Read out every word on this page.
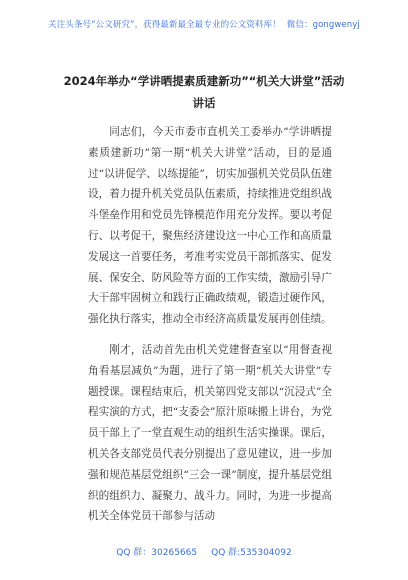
关注头条号“公文研究”，获得最新最全最专业的公文资料库！ 微信：gongwenyj
2024年举办“学讲晒提素质建新功”“机关大讲堂”活动
讲话

同志们，今天市委市直机关工委举办“学讲晒提素质建新功”第一期“机关大讲堂”活动，目的是通过“以讲促学、以练提能”，切实加强机关党员队伍建设，着力提升机关党员队伍素质，持续推进党组织战斗堡垒作用和党员先锋模范作用充分发挥。要以考促行、以考促干，聚焦经济建设这一中心工作和高质量发展这一首要任务，考准考实党员干部抓落实、促发展、保安全、防风险等方面的工作实绩，激励引导广大干部牢固树立和践行正确政绩观，锻造过硬作风，强化执行落实，推动全市经济高质量发展再创佳绩。

刚才，活动首先由机关党建督查室以“用督查视角看基层减负”为题，进行了第一期“机关大讲堂”专题授课。课程结束后，机关第四党支部以“沉浸式”全程实演的方式，把“支委会”原汁原味搬上讲台，为党员干部上了一堂直观生动的组织生活实操课。课后，机关各支部党员代表分别提出了意见建议，进一步加强和规范基层党组织“三会一课”制度，提升基层党组织的组织力、凝聚力、战斗力。同时，为进一步提高机关全体党员干部参与活动

QQ 群：30265665 QQ 群:535304092
